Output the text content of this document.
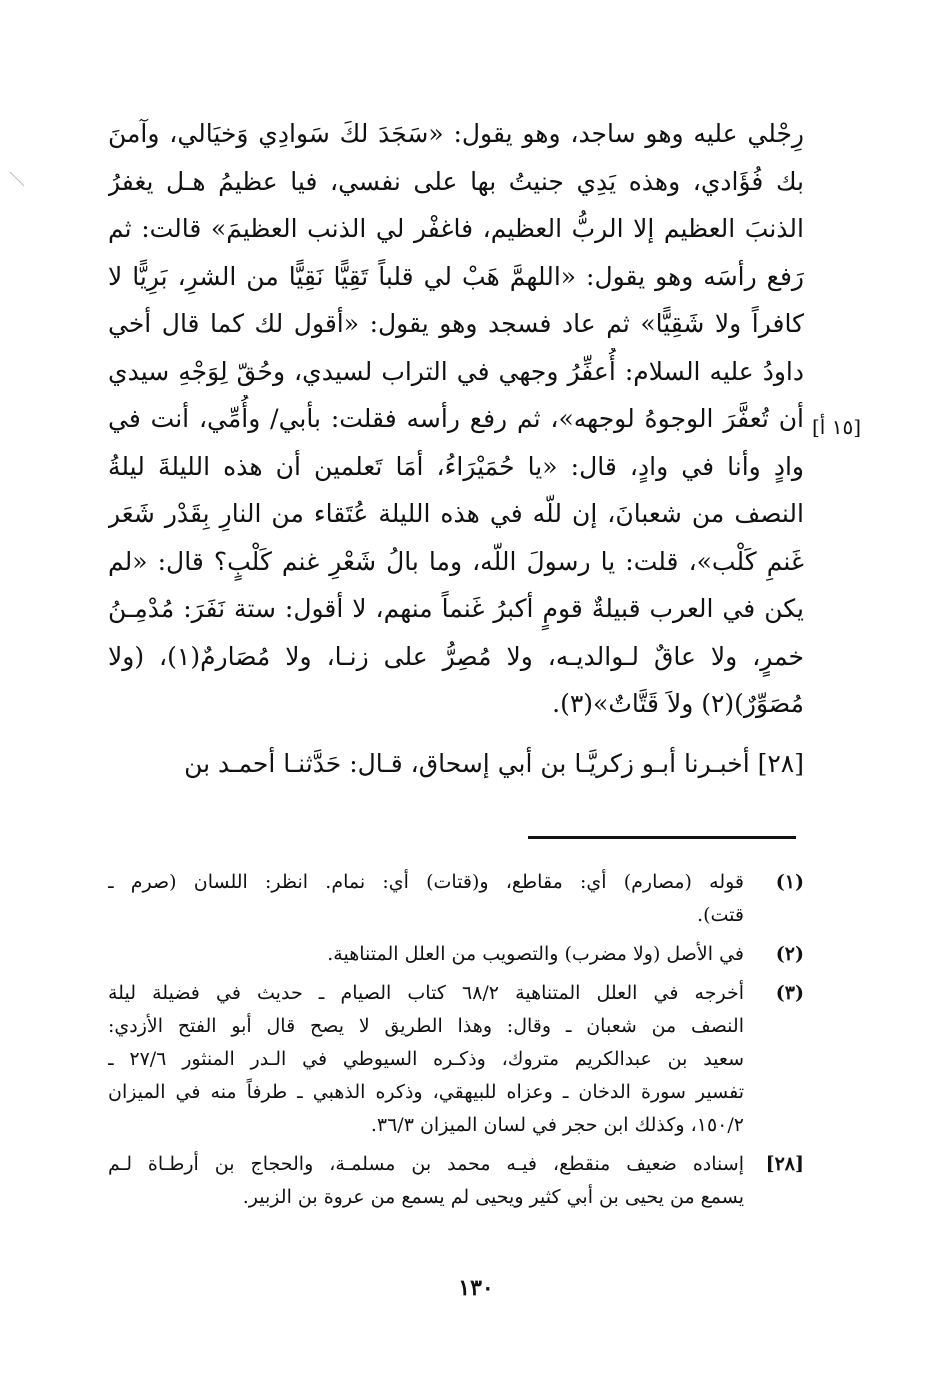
رِجْلي عليه وهو ساجد، وهو يقول: «سَجَدَ لكَ سَوادِي وَخيَالي، وآمنَ
بك فُؤَادي، وهذه يَدِي جنيتُ بها على نفسي، فيا عظيمُ هـل يغفرُ
الذنبَ العظيم إلا الربُّ العظيم، فاغفْر لي الذنب العظيمَ» قالت: ثم
رَفع رأسَه وهو يقول: «اللهمَّ هَبْ لي قلباً تَقِيًّا نَقِيًّا من الشرِ، بَرِيًّا لا
كافراً ولا شَقِيًّا» ثم عاد فسجد وهو يقول: «أقول لك كما قال أخي
داودُ عليه السلام: أُعفِّرُ وجهي في التراب لسيدي، وحُقّ لِوَجْهِ سيدي
أن تُعفَّرَ الوجوهُ لوجهه»، ثم رفع رأسه فقلت: بأبي/ وأُمِّي، أنت في
وادٍ وأنا في وادٍ، قال: «يا حُمَيْرَاءُ، أمَا تَعلمين أن هذه الليلةَ ليلةُ
النصف من شعبانَ، إن للّه في هذه الليلة عُتَقاء من النارِ بِقَدْر شَعَر
غَنمِ كَلْب»، قلت: يا رسولَ اللّه، وما بالُ شَعْرِ غنم كَلْبٍ؟ قال: «لم
يكن في العرب قبيلةٌ قومٍ أكبرُ غَنماً منهم، لا أقول: ستة نَفَرَ: مُدْمِـنُ
خمرٍ، ولا عاقٌ لـوالديـه، ولا مُصِرُّ على زنـا، ولا مُصَارمٌ(١)، (ولا
مُصَوِّرٌ)(٢) ولاَ قَتَّاتٌ»(٣).
[١٥ أ]
[٢٨] أخبـرنا أبـو زكريَّـا بن أبي إسحاق، قـال: حَدَّثنـا أحمـد بن
(١)
قوله (مصارم) أي: مقاطع، و(قتات) أي: نمام. انظر: اللسان (صرم ـ
قتت).
(٢)
في الأصل (ولا مضرب) والتصويب من العلل المتناهية.
(٣)
أخرجه في العلل المتناهية ٦٨/٢ كتاب الصيام ـ حديث في فضيلة ليلة
النصف من شعبان ـ وقال: وهذا الطريق لا يصح قال أبو الفتح الأزدي:
سعيد بن عبدالكريم متروك، وذكـره السيوطي في الـدر المنثور ٢٧/٦ ـ
تفسير سورة الدخان ـ وعزاه للبيهقي، وذكره الذهبي ـ طرفاً منه في الميزان
١٥٠/٢، وكذلك ابن حجر في لسان الميزان ٣٦/٣.
[٢٨]
إسناده ضعيف منقطع، فيـه محمد بن مسلمـة، والحجاج بن أرطـاة لـم
يسمع من يحيى بن أبي كثير ويحيى لم يسمع من عروة بن الزبير.
١٣٠
